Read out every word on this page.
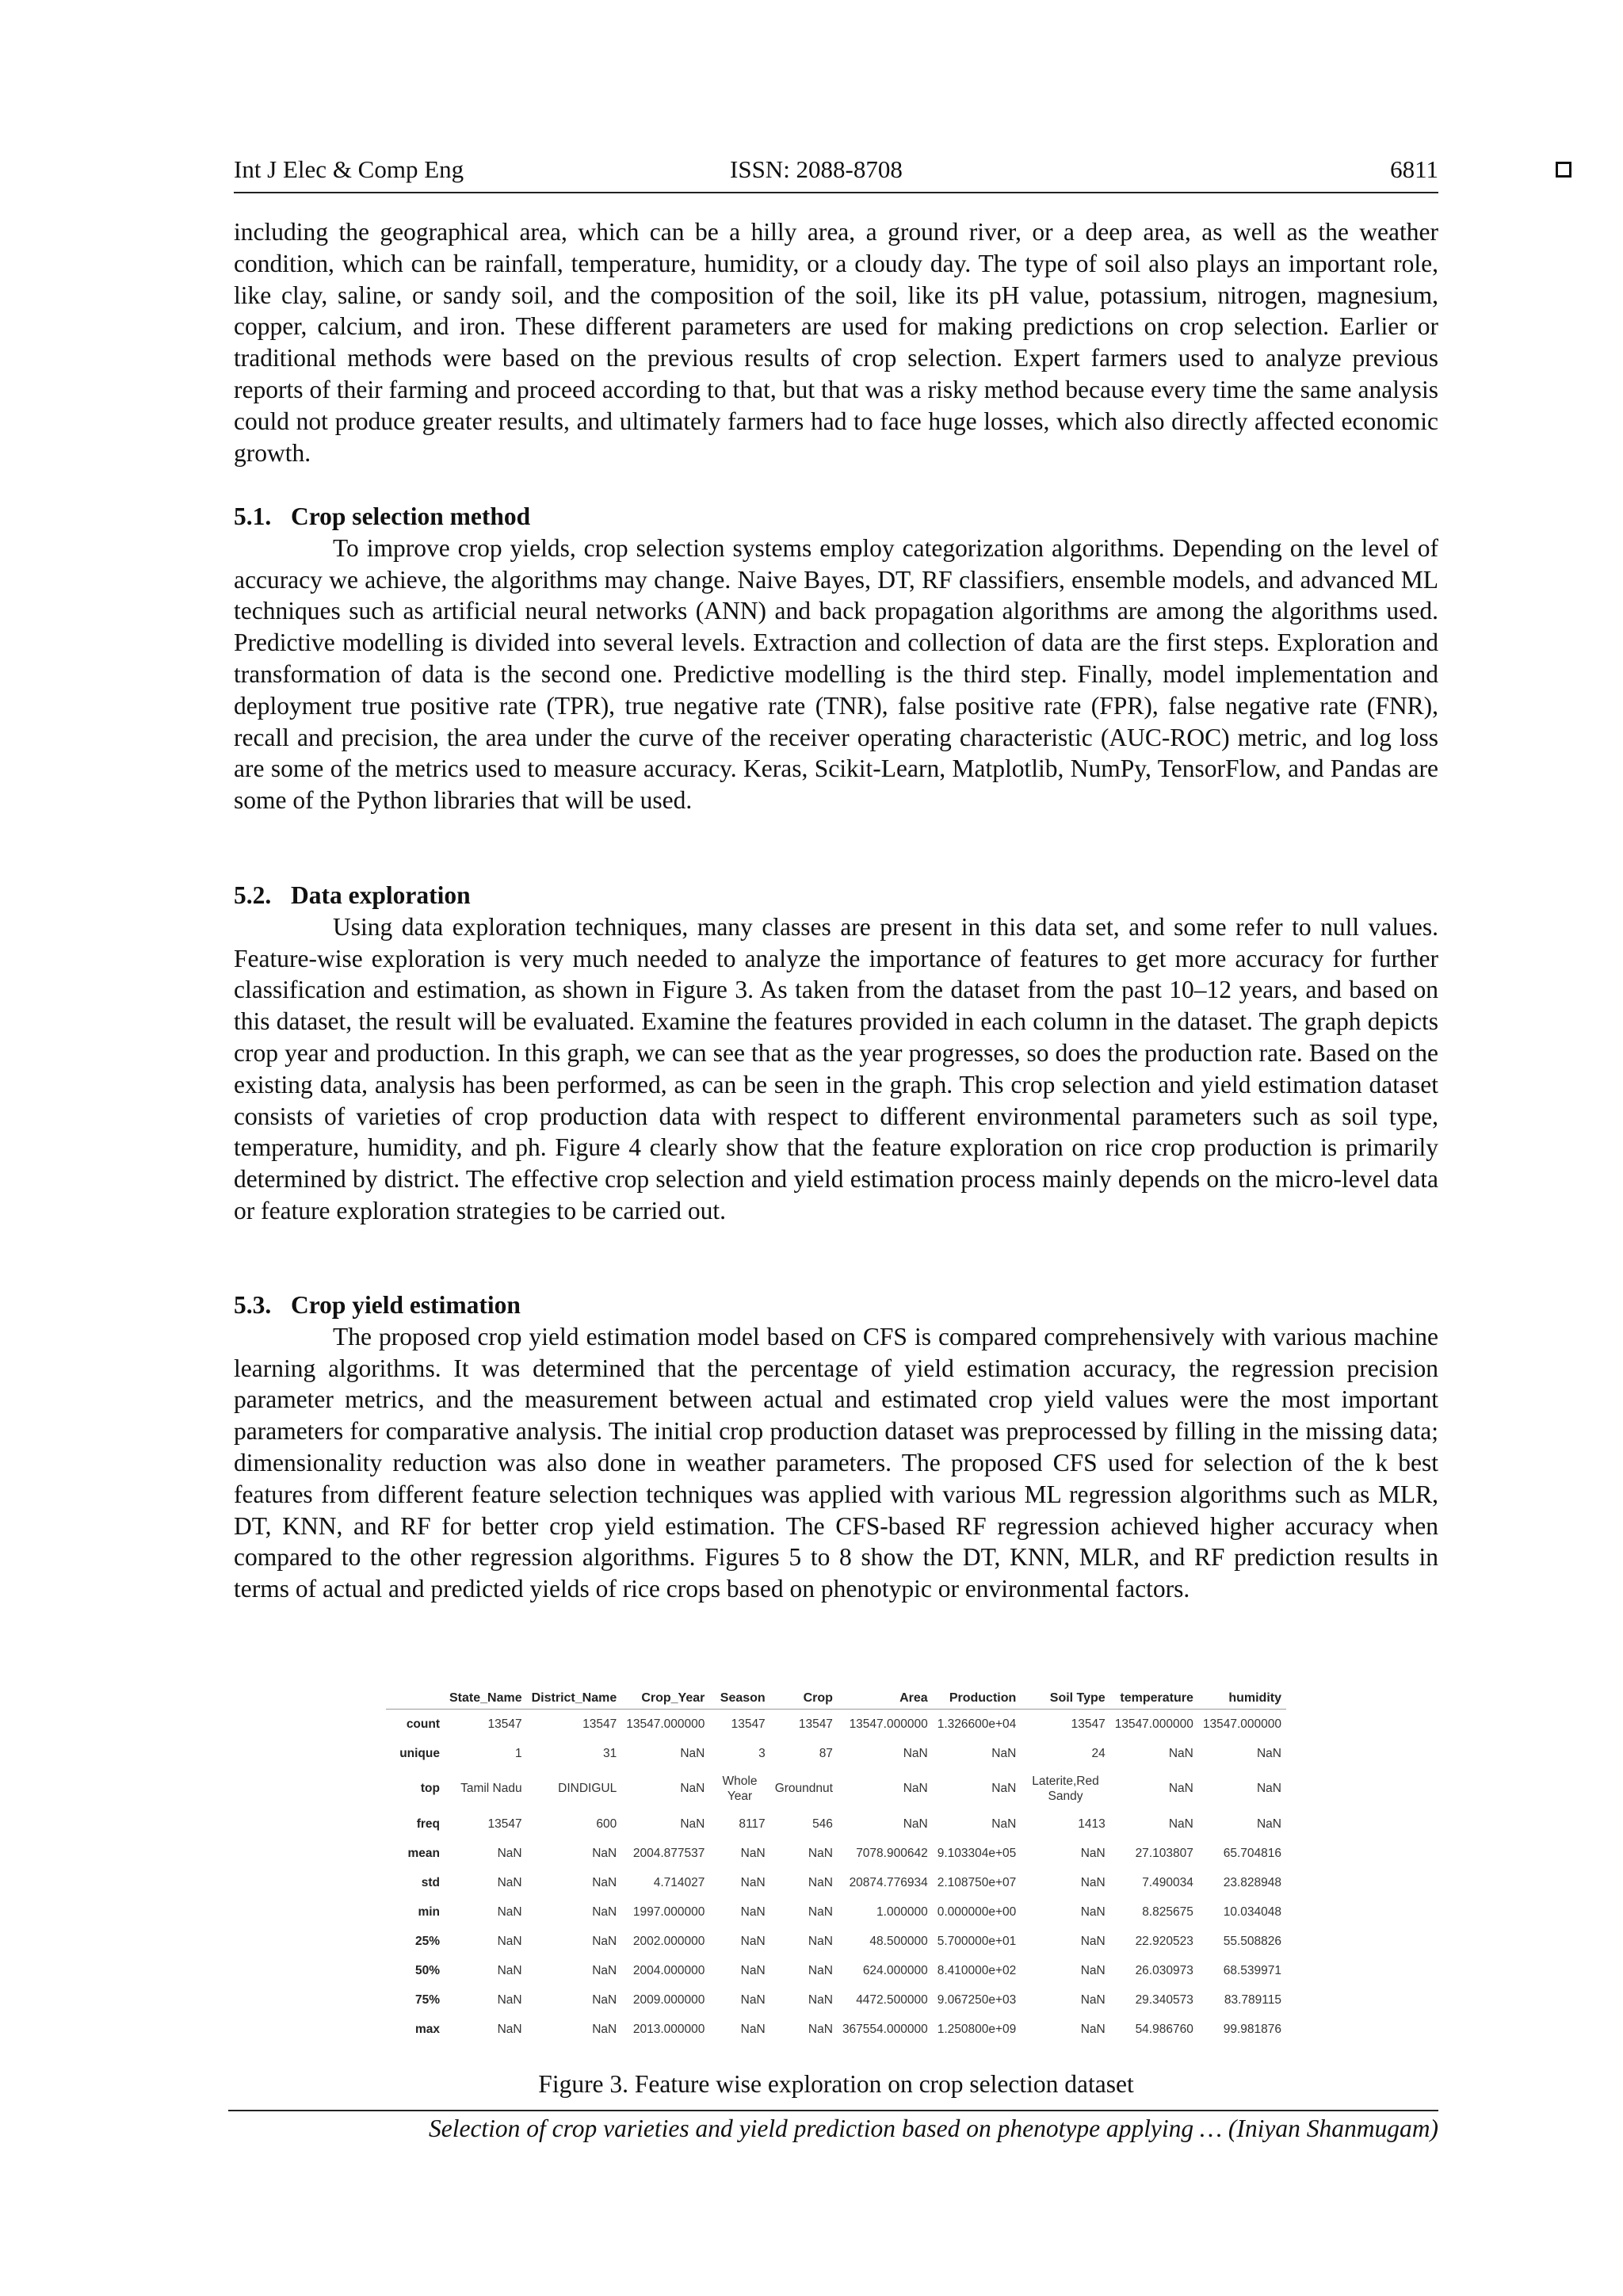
Int J Elec & Comp Eng	ISSN: 2088-8708	6811
including the geographical area, which can be a hilly area, a ground river, or a deep area, as well as the weather condition, which can be rainfall, temperature, humidity, or a cloudy day. The type of soil also plays an important role, like clay, saline, or sandy soil, and the composition of the soil, like its pH value, potassium, nitrogen, magnesium, copper, calcium, and iron. These different parameters are used for making predictions on crop selection. Earlier or traditional methods were based on the previous results of crop selection. Expert farmers used to analyze previous reports of their farming and proceed according to that, but that was a risky method because every time the same analysis could not produce greater results, and ultimately farmers had to face huge losses, which also directly affected economic growth.
5.1. Crop selection method

To improve crop yields, crop selection systems employ categorization algorithms. Depending on the level of accuracy we achieve, the algorithms may change. Naive Bayes, DT, RF classifiers, ensemble models, and advanced ML techniques such as artificial neural networks (ANN) and back propagation algorithms are among the algorithms used. Predictive modelling is divided into several levels. Extraction and collection of data are the first steps. Exploration and transformation of data is the second one. Predictive modelling is the third step. Finally, model implementation and deployment true positive rate (TPR), true negative rate (TNR), false positive rate (FPR), false negative rate (FNR), recall and precision, the area under the curve of the receiver operating characteristic (AUC-ROC) metric, and log loss are some of the metrics used to measure accuracy. Keras, Scikit-Learn, Matplotlib, NumPy, TensorFlow, and Pandas are some of the Python libraries that will be used.

5.2. Data exploration

Using data exploration techniques, many classes are present in this data set, and some refer to null values. Feature-wise exploration is very much needed to analyze the importance of features to get more accuracy for further classification and estimation, as shown in Figure 3. As taken from the dataset from the past 10–12 years, and based on this dataset, the result will be evaluated. Examine the features provided in each column in the dataset. The graph depicts crop year and production. In this graph, we can see that as the year progresses, so does the production rate. Based on the existing data, analysis has been performed, as can be seen in the graph. This crop selection and yield estimation dataset consists of varieties of crop production data with respect to different environmental parameters such as soil type, temperature, humidity, and ph. Figure 4 clearly show that the feature exploration on rice crop production is primarily determined by district. The effective crop selection and yield estimation process mainly depends on the micro-level data or feature exploration strategies to be carried out.

5.3. Crop yield estimation

The proposed crop yield estimation model based on CFS is compared comprehensively with various machine learning algorithms. It was determined that the percentage of yield estimation accuracy, the regression precision parameter metrics, and the measurement between actual and estimated crop yield values were the most important parameters for comparative analysis. The initial crop production dataset was preprocessed by filling in the missing data; dimensionality reduction was also done in weather parameters. The proposed CFS used for selection of the k best features from different feature selection techniques was applied with various ML regression algorithms such as MLR, DT, KNN, and RF for better crop yield estimation. The CFS-based RF regression achieved higher accuracy when compared to the other regression algorithms. Figures 5 to 8 show the DT, KNN, MLR, and RF prediction results in terms of actual and predicted yields of rice crops based on phenotypic or environmental factors.

	State_Name	District_Name	Crop_Year	Season	Crop	Area	Production	Soil Type	temperature	humidity
count	13547	13547	13547.000000	13547	13547	13547.000000	1.326600e+04	13547	13547.000000	13547.000000
unique	1	31	NaN	3	87	NaN	NaN	24	NaN	NaN
top	Tamil Nadu	DINDIGUL	NaN	Whole Year	Groundnut	NaN	NaN	Laterite,Red Sandy	NaN	NaN
freq	13547	600	NaN	8117	546	NaN	NaN	1413	NaN	NaN
mean	NaN	NaN	2004.877537	NaN	NaN	7078.900642	9.103304e+05	NaN	27.103807	65.704816
std	NaN	NaN	4.714027	NaN	NaN	20874.776934	2.108750e+07	NaN	7.490034	23.828948
min	NaN	NaN	1997.000000	NaN	NaN	1.000000	0.000000e+00	NaN	8.825675	10.034048
25%	NaN	NaN	2002.000000	NaN	NaN	48.500000	5.700000e+01	NaN	22.920523	55.508826
50%	NaN	NaN	2004.000000	NaN	NaN	624.000000	8.410000e+02	NaN	26.030973	68.539971
75%	NaN	NaN	2009.000000	NaN	NaN	4472.500000	9.067250e+03	NaN	29.340573	83.789115
max	NaN	NaN	2013.000000	NaN	NaN	367554.000000	1.250800e+09	NaN	54.986760	99.981876
Figure 3. Feature wise exploration on crop selection dataset
Selection of crop varieties and yield prediction based on phenotype applying … (Iniyan Shanmugam)
